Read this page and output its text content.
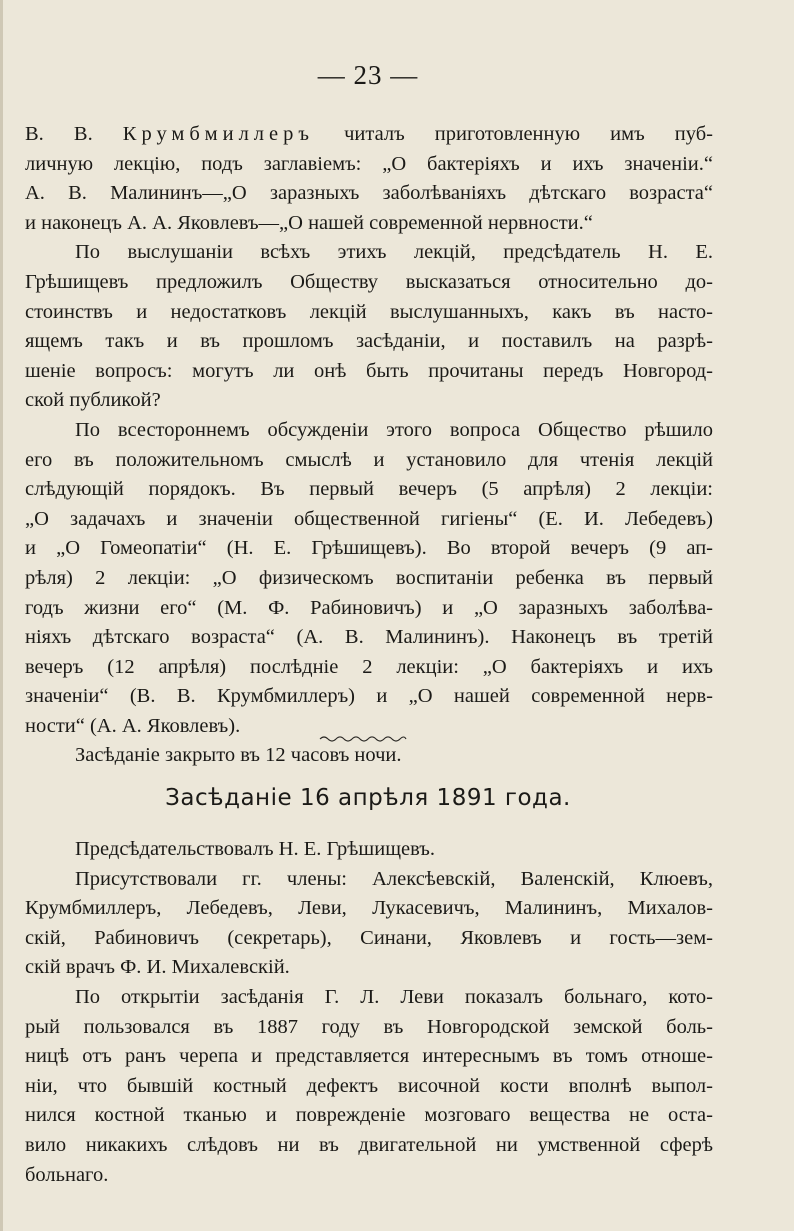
— 23 —
В. В. Крумбмиллеръ читалъ приготовленную имъ пуб-
личную лекцію, подъ заглавіемъ: „О бактеріяхъ и ихъ значеніи.“
А. В. Малининъ—„О заразныхъ заболѣваніяхъ дѣтскаго возраста“
и наконецъ А. А. Яковлевъ—„О нашей современной нервности.“
По выслушаніи всѣхъ этихъ лекцій, предсѣдатель Н. Е.
Грѣшищевъ предложилъ Обществу высказаться относительно до-
стоинствъ и недостатковъ лекцій выслушанныхъ, какъ въ насто-
ящемъ такъ и въ прошломъ засѣданіи, и поставилъ на разрѣ-
шеніе вопросъ: могутъ ли онѣ быть прочитаны передъ Новгород-
ской публикой?
По всестороннемъ обсужденіи этого вопроса Общество рѣшило
его въ положительномъ смыслѣ и установило для чтенія лекцій
слѣдующій порядокъ. Въ первый вечеръ (5 апрѣля) 2 лекціи:
„О задачахъ и значеніи общественной гигіены“ (Е. И. Лебедевъ)
и „О Гомеопатіи“ (Н. Е. Грѣшищевъ). Во второй вечеръ (9 ап-
рѣля) 2 лекціи: „О физическомъ воспитаніи ребенка въ первый
годъ жизни его“ (М. Ф. Рабиновичъ) и „О заразныхъ заболѣва-
ніяхъ дѣтскаго возраста“ (А. В. Малининъ). Наконецъ въ третій
вечеръ (12 апрѣля) послѣдніе 2 лекціи: „О бактеріяхъ и ихъ
значеніи“ (В. В. Крумбмиллеръ) и „О нашей современной нерв-
ности“ (А. А. Яковлевъ).
Засѣданіе закрыто въ 12 часовъ ночи.
Засѣданіе 16 апрѣля 1891 года.
Предсѣдательствовалъ Н. Е. Грѣшищевъ.
Присутствовали гг. члены: Алексѣевскій, Валенскій, Клюевъ,
Крумбмиллеръ, Лебедевъ, Леви, Лукасевичъ, Малининъ, Михалов-
скій, Рабиновичъ (секретарь), Синани, Яковлевъ и гость—зем-
скій врачъ Ф. И. Михалевскій.
По открытіи засѣданія Г. Л. Леви показалъ больнаго, кото-
рый пользовался въ 1887 году въ Новгородской земской боль-
ницѣ отъ ранъ черепа и представляется интереснымъ въ томъ отноше-
ніи, что бывшій костный дефектъ височной кости вполнѣ выпол-
нился костной тканью и поврежденіе мозговаго вещества не оста-
вило никакихъ слѣдовъ ни въ двигательной ни умственной сферѣ
больнаго.
